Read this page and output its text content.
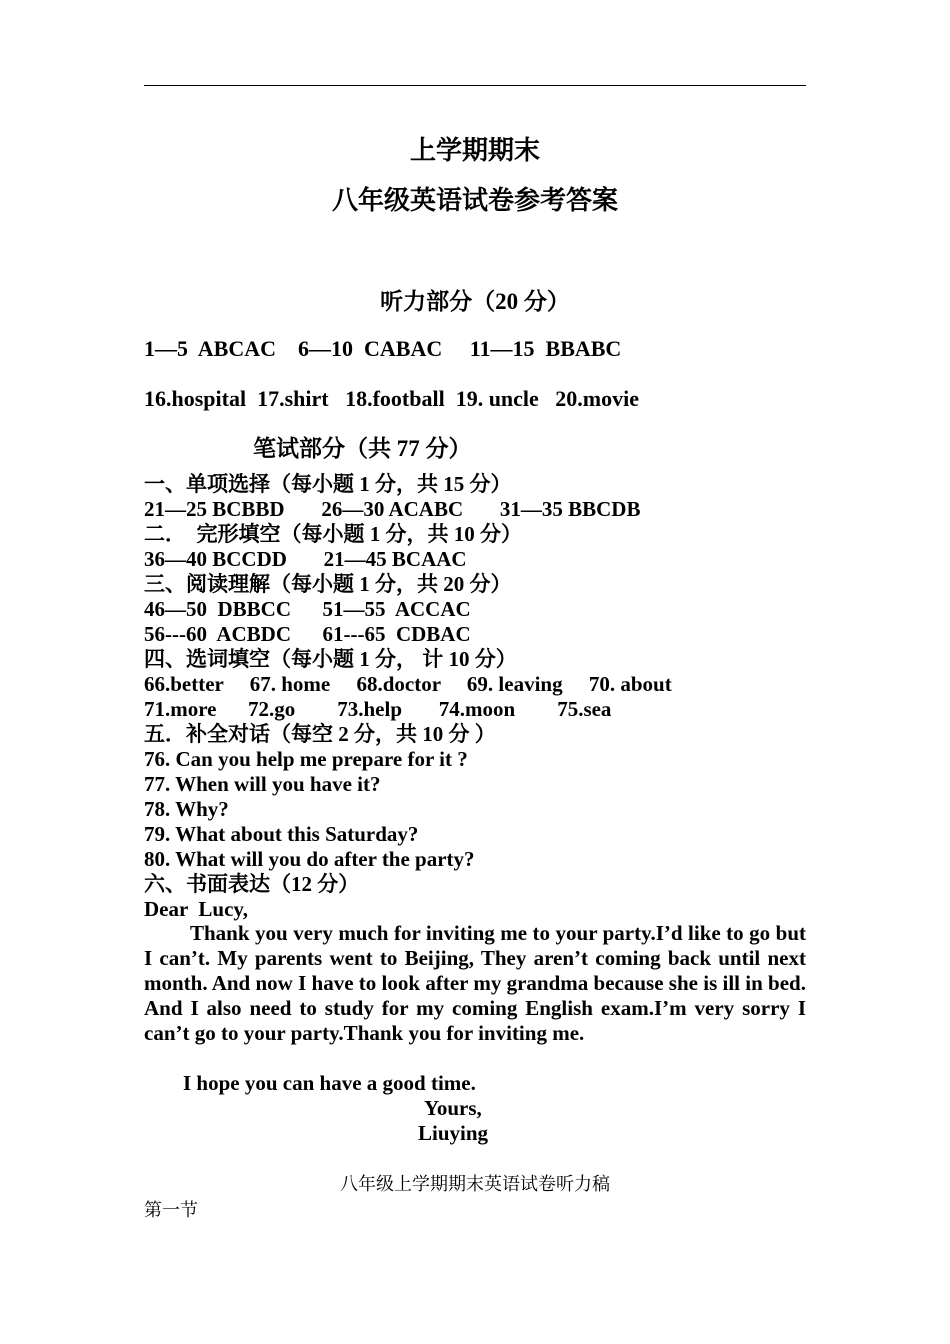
上学期期末
八年级英语试卷参考答案
听力部分（20 分）
1—5  ABCAC    6—10  CABAC     11—15  BBABC
16.hospital  17.shirt   18.football  19. uncle   20.movie
笔试部分（共 77 分）
一、单项选择（每小题 1 分，共 15 分）
21—25 BCBBD       26—30 ACABC       31—35 BBCDB
二．  完形填空（每小题 1 分，共 10 分）
36—40 BCCDD       21—45 BCAAC
三、阅读理解（每小题 1 分，共 20 分）
46—50  DBBCC      51—55  ACCAC
56---60  ACBDC      61---65  CDBAC
四、选词填空（每小题 1 分， 计 10 分）
66.better     67. home     68.doctor     69. leaving     70. about
71.more      72.go        73.help       74.moon        75.sea
五．补全对话（每空 2 分，共 10 分 ）
76. Can you help me prepare for it ?
77. When will you have it?
78. Why?
79. What about this Saturday?
80. What will you do after the party?
六、书面表达（12 分）
Dear  Lucy,
Thank you very much for inviting me to your party.I’d like to go but I can’t. My parents went to Beijing, They aren’t coming back until next month. And now I have to look after my grandma because she is ill in bed. And I also need to study for my coming English exam.I’m very sorry I can’t go to your party.Thank you for inviting me.
I hope you can have a good time.
Yours,
Liuying
八年级上学期期末英语试卷听力稿
第一节
